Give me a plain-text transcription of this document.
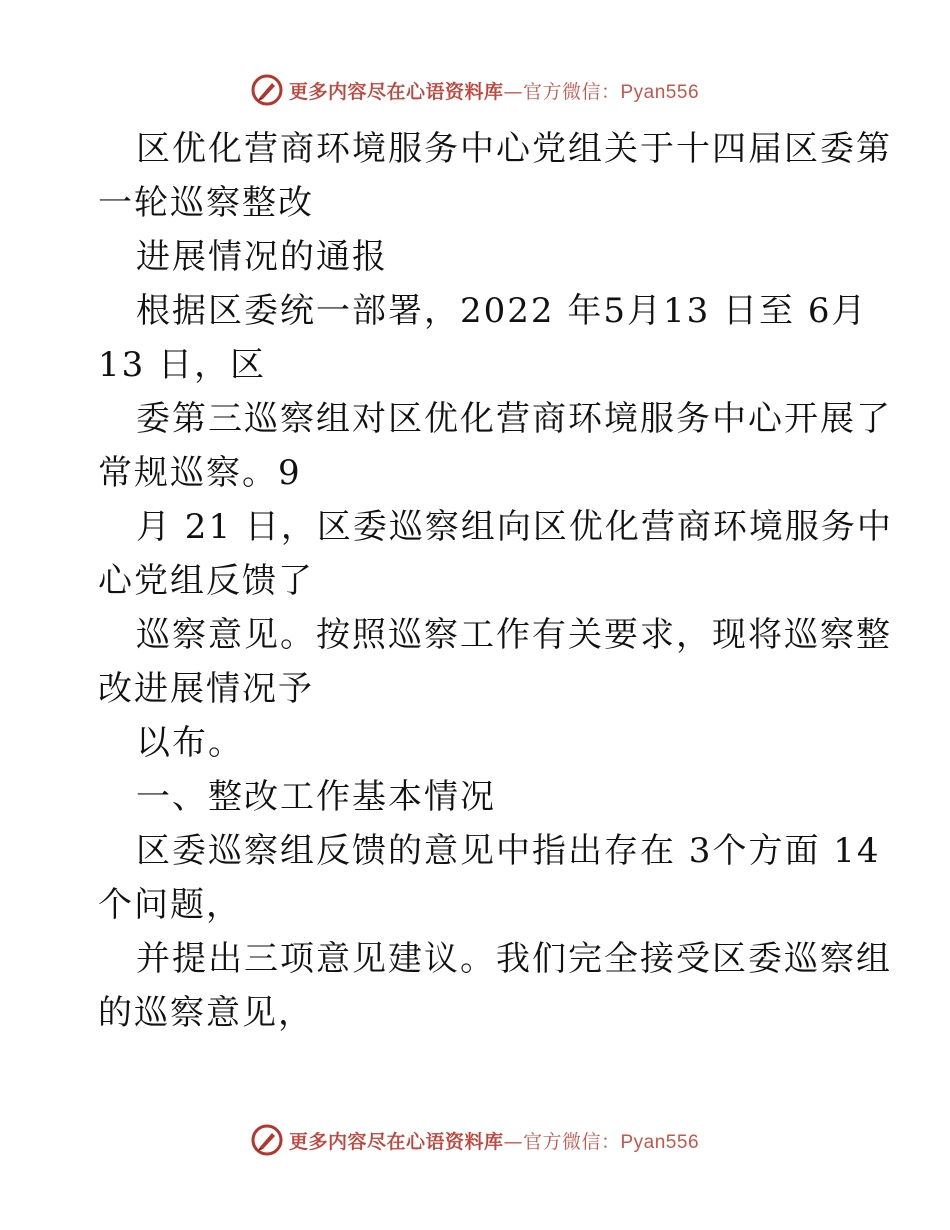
更多内容尽在心语资料库—官方微信：Pyan556
区优化营商环境服务中心党组关于十四届区委第
一轮巡察整改
进展情况的通报
根据区委统一部署，2022 年5月13 日至 6月
13 日，区
委第三巡察组对区优化营商环境服务中心开展了
常规巡察。9
月 21 日，区委巡察组向区优化营商环境服务中
心党组反馈了
巡察意见。按照巡察工作有关要求，现将巡察整
改进展情况予
以布。
一、整改工作基本情况
区委巡察组反馈的意见中指出存在 3个方面 14
个问题，
并提出三项意见建议。我们完全接受区委巡察组
的巡察意见，
更多内容尽在心语资料库—官方微信：Pyan556
